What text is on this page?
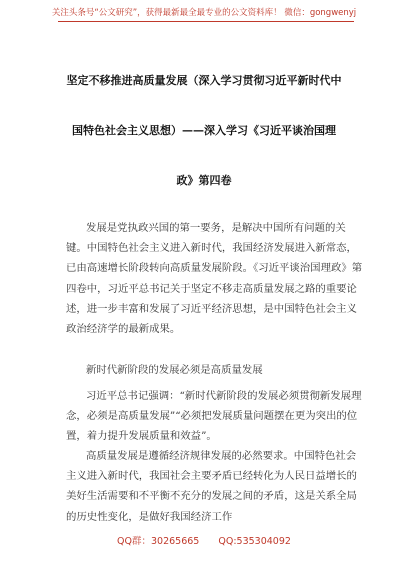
关注头条号“公文研究”，获得最新最全最专业的公文资料库！ 微信：gongwenyj
坚定不移推进高质量发展（深入学习贯彻习近平新时代中
国特色社会主义思想）——深入学习《习近平谈治国理
政》第四卷

发展是党执政兴国的第一要务，是解决中国所有问题的关键。中国特色社会主义进入新时代，我国经济发展进入新常态，已由高速增长阶段转向高质量发展阶段。《习近平谈治国理政》第四卷中，习近平总书记关于坚定不移走高质量发展之路的重要论述，进一步丰富和发展了习近平经济思想，是中国特色社会主义政治经济学的最新成果。

新时代新阶段的发展必须是高质量发展

习近平总书记强调：“新时代新阶段的发展必须贯彻新发展理念，必须是高质量发展”“必须把发展质量问题摆在更为突出的位置，着力提升发展质量和效益”。

高质量发展是遵循经济规律发展的必然要求。中国特色社会主义进入新时代，我国社会主要矛盾已经转化为人民日益增长的美好生活需要和不平衡不充分的发展之间的矛盾，这是关系全局的历史性变化，是做好我国经济工作

QQ群：30265665 QQ:535304092
